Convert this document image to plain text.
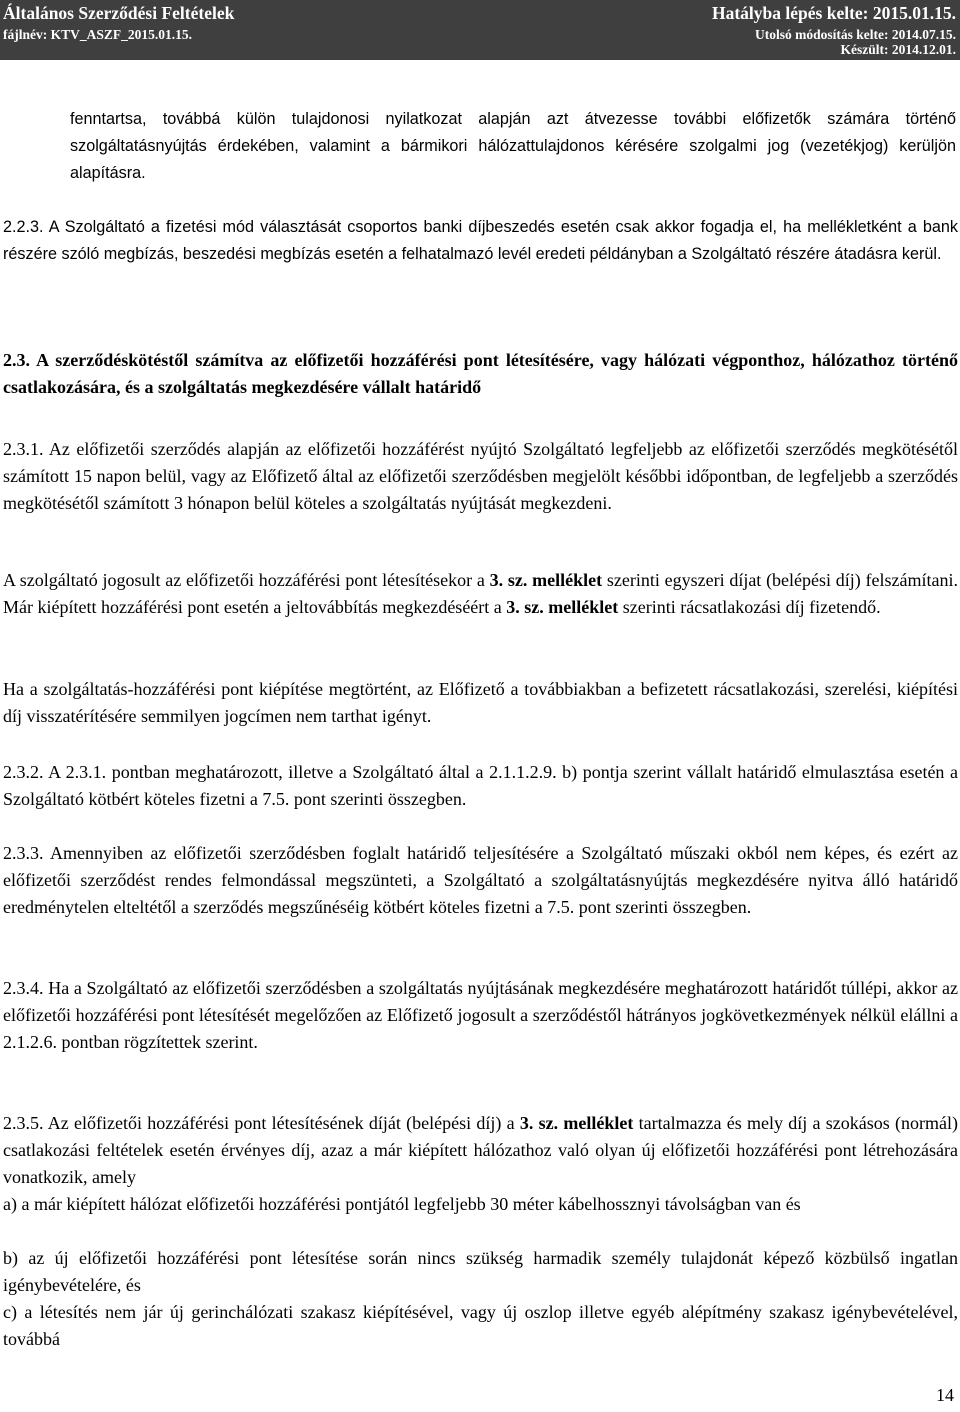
Általános Szerződési Feltételek
fájlnév: KTV_ASZF_2015.01.15.
Hatályba lépés kelte: 2015.01.15.
Utolsó módosítás kelte: 2014.07.15.
Készült: 2014.12.01.

fenntartsa, továbbá külön tulajdonosi nyilatkozat alapján azt átvezesse további előfizetők számára történő szolgáltatásnyújtás érdekében, valamint a bármikori hálózattulajdonos kérésére szolgalmi jog (vezetékjog) kerüljön alapításra.

2.2.3. A Szolgáltató a fizetési mód választását csoportos banki díjbeszedés esetén csak akkor fogadja el, ha mellékletként a bank részére szóló megbízás, beszedési megbízás esetén a felhatalmazó levél eredeti példányban a Szolgáltató részére átadásra kerül.

2.3. A szerződéskötéstől számítva az előfizetői hozzáférési pont létesítésére, vagy hálózati végponthoz, hálózathoz történő csatlakozására, és a szolgáltatás megkezdésére vállalt határidő

2.3.1. Az előfizetői szerződés alapján az előfizetői hozzáférést nyújtó Szolgáltató legfeljebb az előfizetői szerződés megkötésétől számított 15 napon belül, vagy az Előfizető által az előfizetői szerződésben megjelölt későbbi időpontban, de legfeljebb a szerződés megkötésétől számított 3 hónapon belül köteles a szolgáltatás nyújtását megkezdeni.

A szolgáltató jogosult az előfizetői hozzáférési pont létesítésekor a 3. sz. melléklet szerinti egyszeri díjat (belépési díj) felszámítani. Már kiépített hozzáférési pont esetén a jeltovábbítás megkezdéséért a 3. sz. melléklet szerinti rácsatlakozási díj fizetendő.

Ha a szolgáltatás-hozzáférési pont kiépítése megtörtént, az Előfizető a továbbiakban a befizetett rácsatlakozási, szerelési, kiépítési díj visszatérítésére semmilyen jogcímen nem tarthat igényt.

2.3.2. A 2.3.1. pontban meghatározott, illetve a Szolgáltató által a 2.1.1.2.9. b) pontja szerint vállalt határidő elmulasztása esetén a Szolgáltató kötbért köteles fizetni a 7.5. pont szerinti összegben.

2.3.3. Amennyiben az előfizetői szerződésben foglalt határidő teljesítésére a Szolgáltató műszaki okból nem képes, és ezért az előfizetői szerződést rendes felmondással megszünteti, a Szolgáltató a szolgáltatásnyújtás megkezdésére nyitva álló határidő eredménytelen elteltétől a szerződés megszűnéséig kötbért köteles fizetni a 7.5. pont szerinti összegben.

2.3.4. Ha a Szolgáltató az előfizetői szerződésben a szolgáltatás nyújtásának megkezdésére meghatározott határidőt túllépi, akkor az előfizetői hozzáférési pont létesítését megelőzően az Előfizető jogosult a szerződéstől hátrányos jogkövetkezmények nélkül elállni a 2.1.2.6. pontban rögzítettek szerint.

2.3.5. Az előfizetői hozzáférési pont létesítésének díját (belépési díj) a 3. sz. melléklet tartalmazza és mely díj a szokásos (normál) csatlakozási feltételek esetén érvényes díj, azaz a már kiépített hálózathoz való olyan új előfizetői hozzáférési pont létrehozására vonatkozik, amely

a) a már kiépített hálózat előfizetői hozzáférési pontjától legfeljebb 30 méter kábelhossznyi távolságban van és

b) az új előfizetői hozzáférési pont létesítése során nincs szükség harmadik személy tulajdonát képező közbülső ingatlan igénybevételére, és

c) a létesítés nem jár új gerinchálózati szakasz kiépítésével, vagy új oszlop illetve egyéb alépítmény szakasz igénybevételével, továbbá

14
